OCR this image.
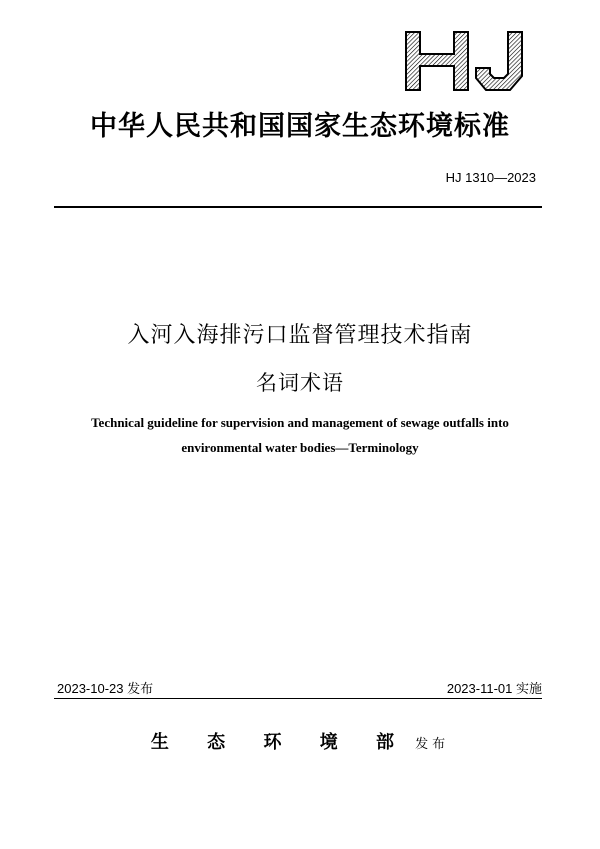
中华人民共和国国家生态环境标准
HJ 1310—2023
入河入海排污口监督管理技术指南
名词术语
Technical guideline for supervision and management of sewage outfalls into
environmental water bodies—Terminology
2023-10-23 发布	2023-11-01 实施
生 态 环 境 部 发布
